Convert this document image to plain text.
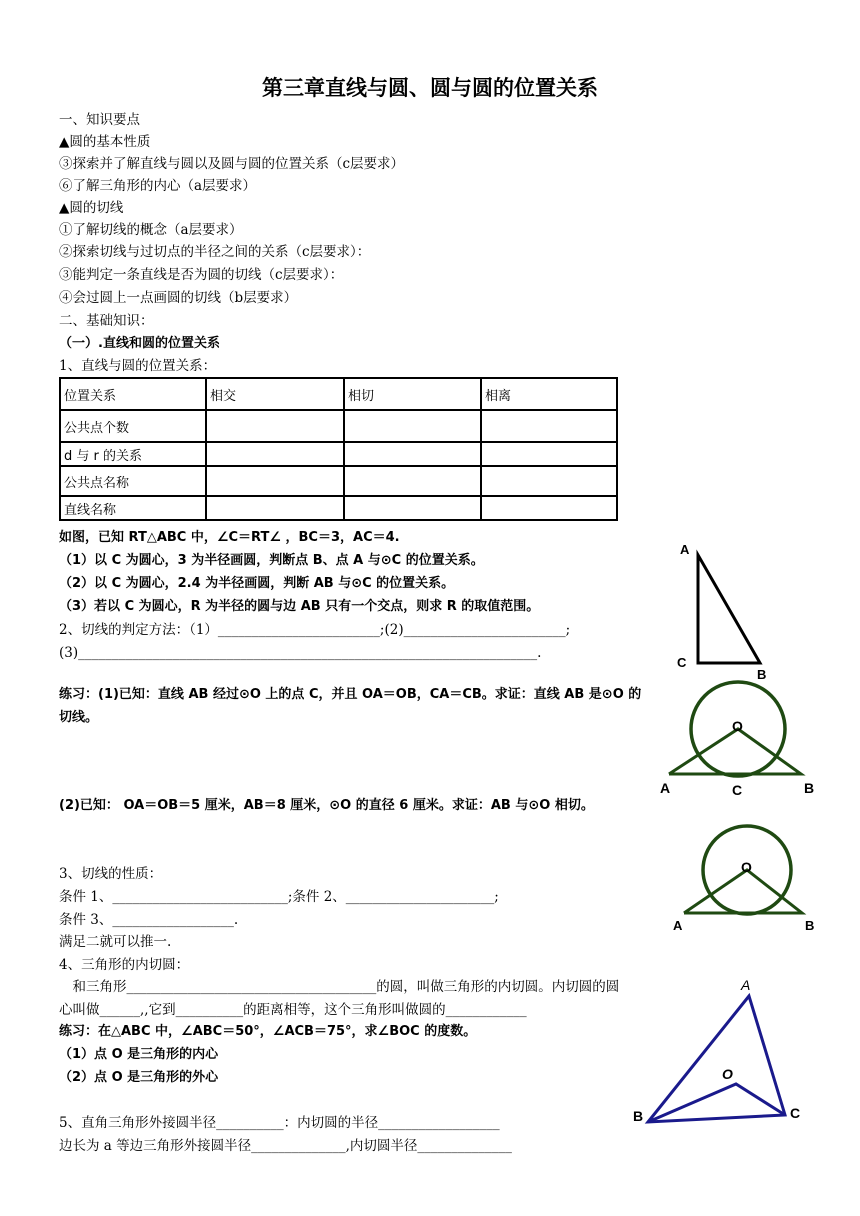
第三章直线与圆、圆与圆的位置关系
一、知识要点
▲圆的基本性质
③探索并了解直线与圆以及圆与圆的位置关系（c层要求）
⑥了解三角形的内心（a层要求）
▲圆的切线
①了解切线的概念（a层要求）
②探索切线与过切点的半径之间的关系（c层要求）：
③能判定一条直线是否为圆的切线（c层要求）：
④会过圆上一点画圆的切线（b层要求）
二、基础知识：
（一）.直线和圆的位置关系
1、直线与圆的位置关系：
位置关系	相交	相切	相离
公共点个数			
d 与 r 的关系			
公共点名称			
直线名称			
如图，已知 RT△ABC 中，∠C＝RT∠ ，BC＝3，AC＝4.
（1）以 C 为圆心，3 为半径画圆，判断点 B、点 A 与⊙C 的位置关系。
（2）以 C 为圆心，2.4 为半径画圆，判断 AB 与⊙C 的位置关系。
（3）若以 C 为圆心，R 为半径的圆与边 AB 只有一个交点，则求 R 的取值范围。
2、切线的判定方法：（1）________________________;(2)________________________;
(3)____________________________________________________________________.
练习：(1)已知：直线 AB 经过⊙O 上的点 C，并且 OA＝OB，CA＝CB。求证：直线 AB 是⊙O 的
切线。
(2)已知： OA＝OB＝5 厘米，AB＝8 厘米，⊙O 的直径 6 厘米。求证：AB 与⊙O 相切。
3、切线的性质：
条件 1、__________________________;条件 2、______________________;
条件 3、__________________.
满足二就可以推一.
4、三角形的内切圆：
　和三角形_____________________________________的圆，叫做三角形的内切圆。内切圆的圆
心叫做______,,它到__________的距离相等，这个三角形叫做圆的____________
练习：在△ABC 中，∠ABC＝50°，∠ACB＝75°，求∠BOC 的度数。
（1）点 O 是三角形的内心
（2）点 O 是三角形的外心
5、直角三角形外接圆半径__________：内切圆的半径__________________
边长为 a 等边三角形外接圆半径______________,内切圆半径______________
A
C
B
O
A	C	B
O
A	B
A
B	C
O
